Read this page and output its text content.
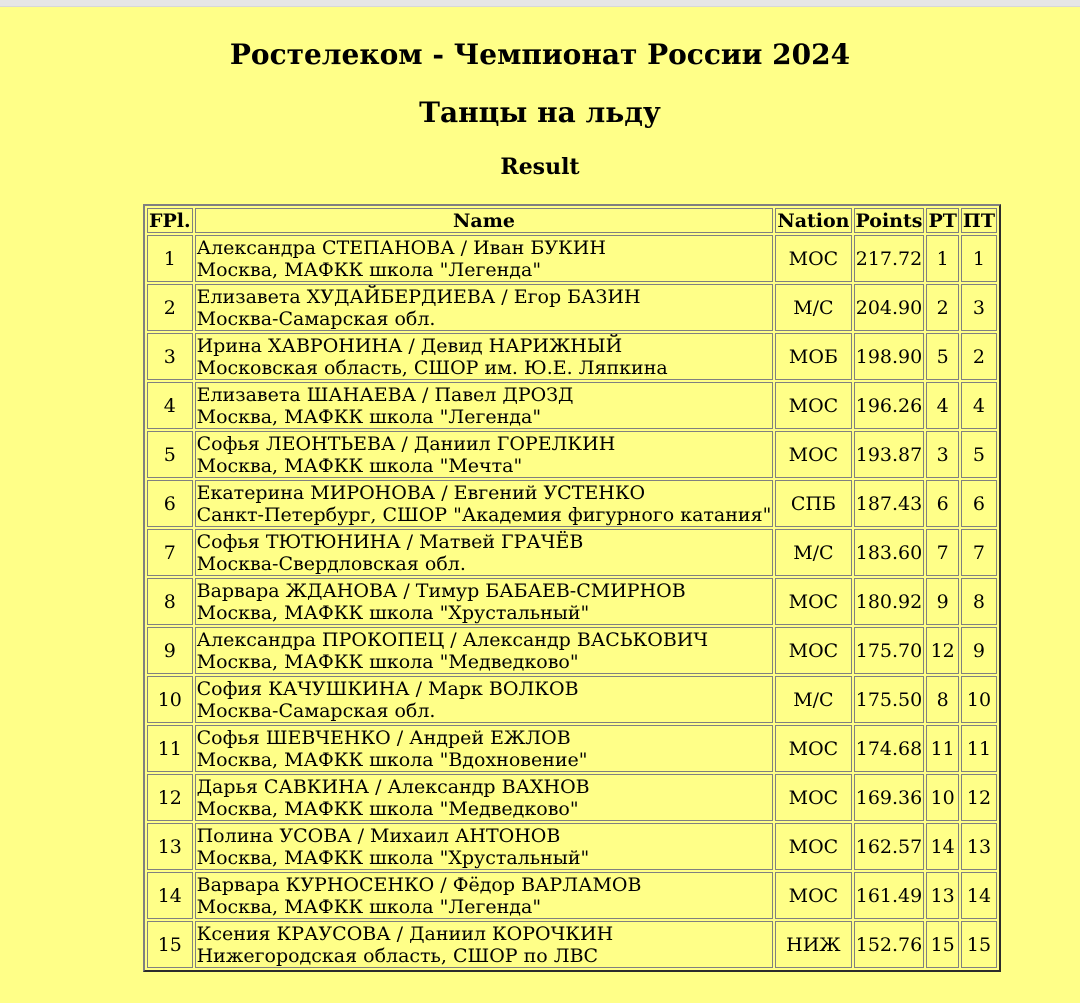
Ростелеком - Чемпионат России 2024
Танцы на льду
Result
FPl.	Name	Nation	Points	PT	ПТ
1	Александра СТЕПАНОВА / Иван БУКИН
Москва, МАФКК школа "Легенда"	МОС	217.72	1	1
2	Елизавета ХУДАЙБЕРДИЕВА / Егор БАЗИН
Москва-Самарская обл.	М/С	204.90	2	3
3	Ирина ХАВРОНИНА / Девид НАРИЖНЫЙ
Московская область, СШОР им. Ю.Е. Ляпкина	МОБ	198.90	5	2
4	Елизавета ШАНАЕВА / Павел ДРОЗД
Москва, МАФКК школа "Легенда"	МОС	196.26	4	4
5	Софья ЛЕОНТЬЕВА / Даниил ГОРЕЛКИН
Москва, МАФКК школа "Мечта"	МОС	193.87	3	5
6	Екатерина МИРОНОВА / Евгений УСТЕНКО
Санкт-Петербург, СШОР "Академия фигурного катания"	СПБ	187.43	6	6
7	Софья ТЮТЮНИНА / Матвей ГРАЧЁВ
Москва-Свердловская обл.	М/С	183.60	7	7
8	Варвара ЖДАНОВА / Тимур БАБАЕВ-СМИРНОВ
Москва, МАФКК школа "Хрустальный"	МОС	180.92	9	8
9	Александра ПРОКОПЕЦ / Александр ВАСЬКОВИЧ
Москва, МАФКК школа "Медведково"	МОС	175.70	12	9
10	София КАЧУШКИНА / Марк ВОЛКОВ
Москва-Самарская обл.	М/С	175.50	8	10
11	Софья ШЕВЧЕНКО / Андрей ЕЖЛОВ
Москва, МАФКК школа "Вдохновение"	МОС	174.68	11	11
12	Дарья САВКИНА / Александр ВАХНОВ
Москва, МАФКК школа "Медведково"	МОС	169.36	10	12
13	Полина УСОВА / Михаил АНТОНОВ
Москва, МАФКК школа "Хрустальный"	МОС	162.57	14	13
14	Варвара КУРНОСЕНКО / Фёдор ВАРЛАМОВ
Москва, МАФКК школа "Легенда"	МОС	161.49	13	14
15	Ксения КРАУСОВА / Даниил КОРОЧКИН
Нижегородская область, СШОР по ЛВС	НИЖ	152.76	15	15
